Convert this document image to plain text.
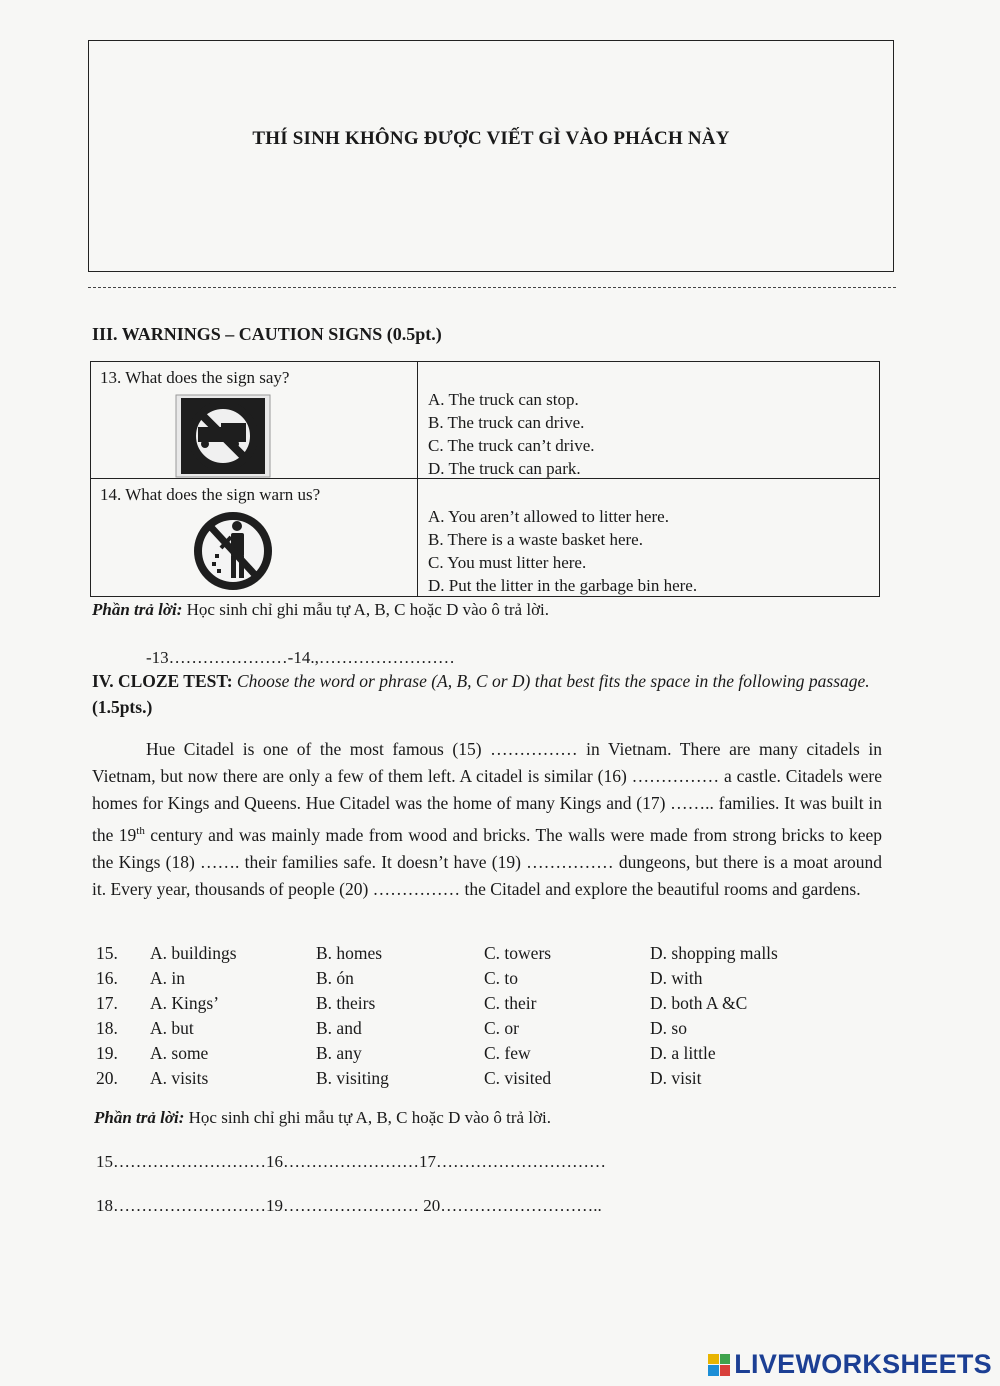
THÍ SINH KHÔNG ĐƯỢC VIẾT GÌ VÀO PHÁCH NÀY
III. WARNINGS – CAUTION SIGNS (0.5pt.)
13. What does the sign say?	A. The truck can stop.
B. The truck can drive.
C. The truck can’t drive.
D. The truck can park.

14. What does the sign warn us?	A. You aren’t allowed to litter here.
B. There is a waste basket here.
C. You must litter here.
D. Put the litter in the garbage bin here.
Phần trả lời: Học sinh chỉ ghi mẫu tự A, B, C hoặc D vào ô trả lời.
-13…………………-14.,……………………
IV. CLOZE TEST: Choose the word or phrase (A, B, C or D) that best fits the space in the following passage. (1.5pts.)
Hue Citadel is one of the most famous (15) …………… in Vietnam. There are many citadels in Vietnam, but now there are only a few of them left. A citadel is similar (16) …………… a castle. Citadels were homes for Kings and Queens. Hue Citadel was the home of many Kings and (17) …….. families. It was built in the 19th century and was mainly made from wood and bricks. The walls were made from strong bricks to keep the Kings (18) ……. their families safe. It doesn’t have (19) …………… dungeons, but there is a moat around it. Every year, thousands of people (20) …………… the Citadel and explore the beautiful rooms and gardens.
15. A. buildings	B. homes	C. towers	D. shopping malls
16. A. in	B. ón	C. to	D. with
17. A. Kings’	B. theirs	C. their	D. both A &C
18. A. but	B. and	C. or	D. so
19. A. some	B. any	C. few	D. a little
20. A. visits	B. visiting	C. visited	D. visit
Phần trả lời: Học sinh chỉ ghi mẫu tự A, B, C hoặc D vào ô trả lời.
15………………………16……………………17…………………………
18………………………19…………………… 20………………………..
LIVEWORKSHEETS
